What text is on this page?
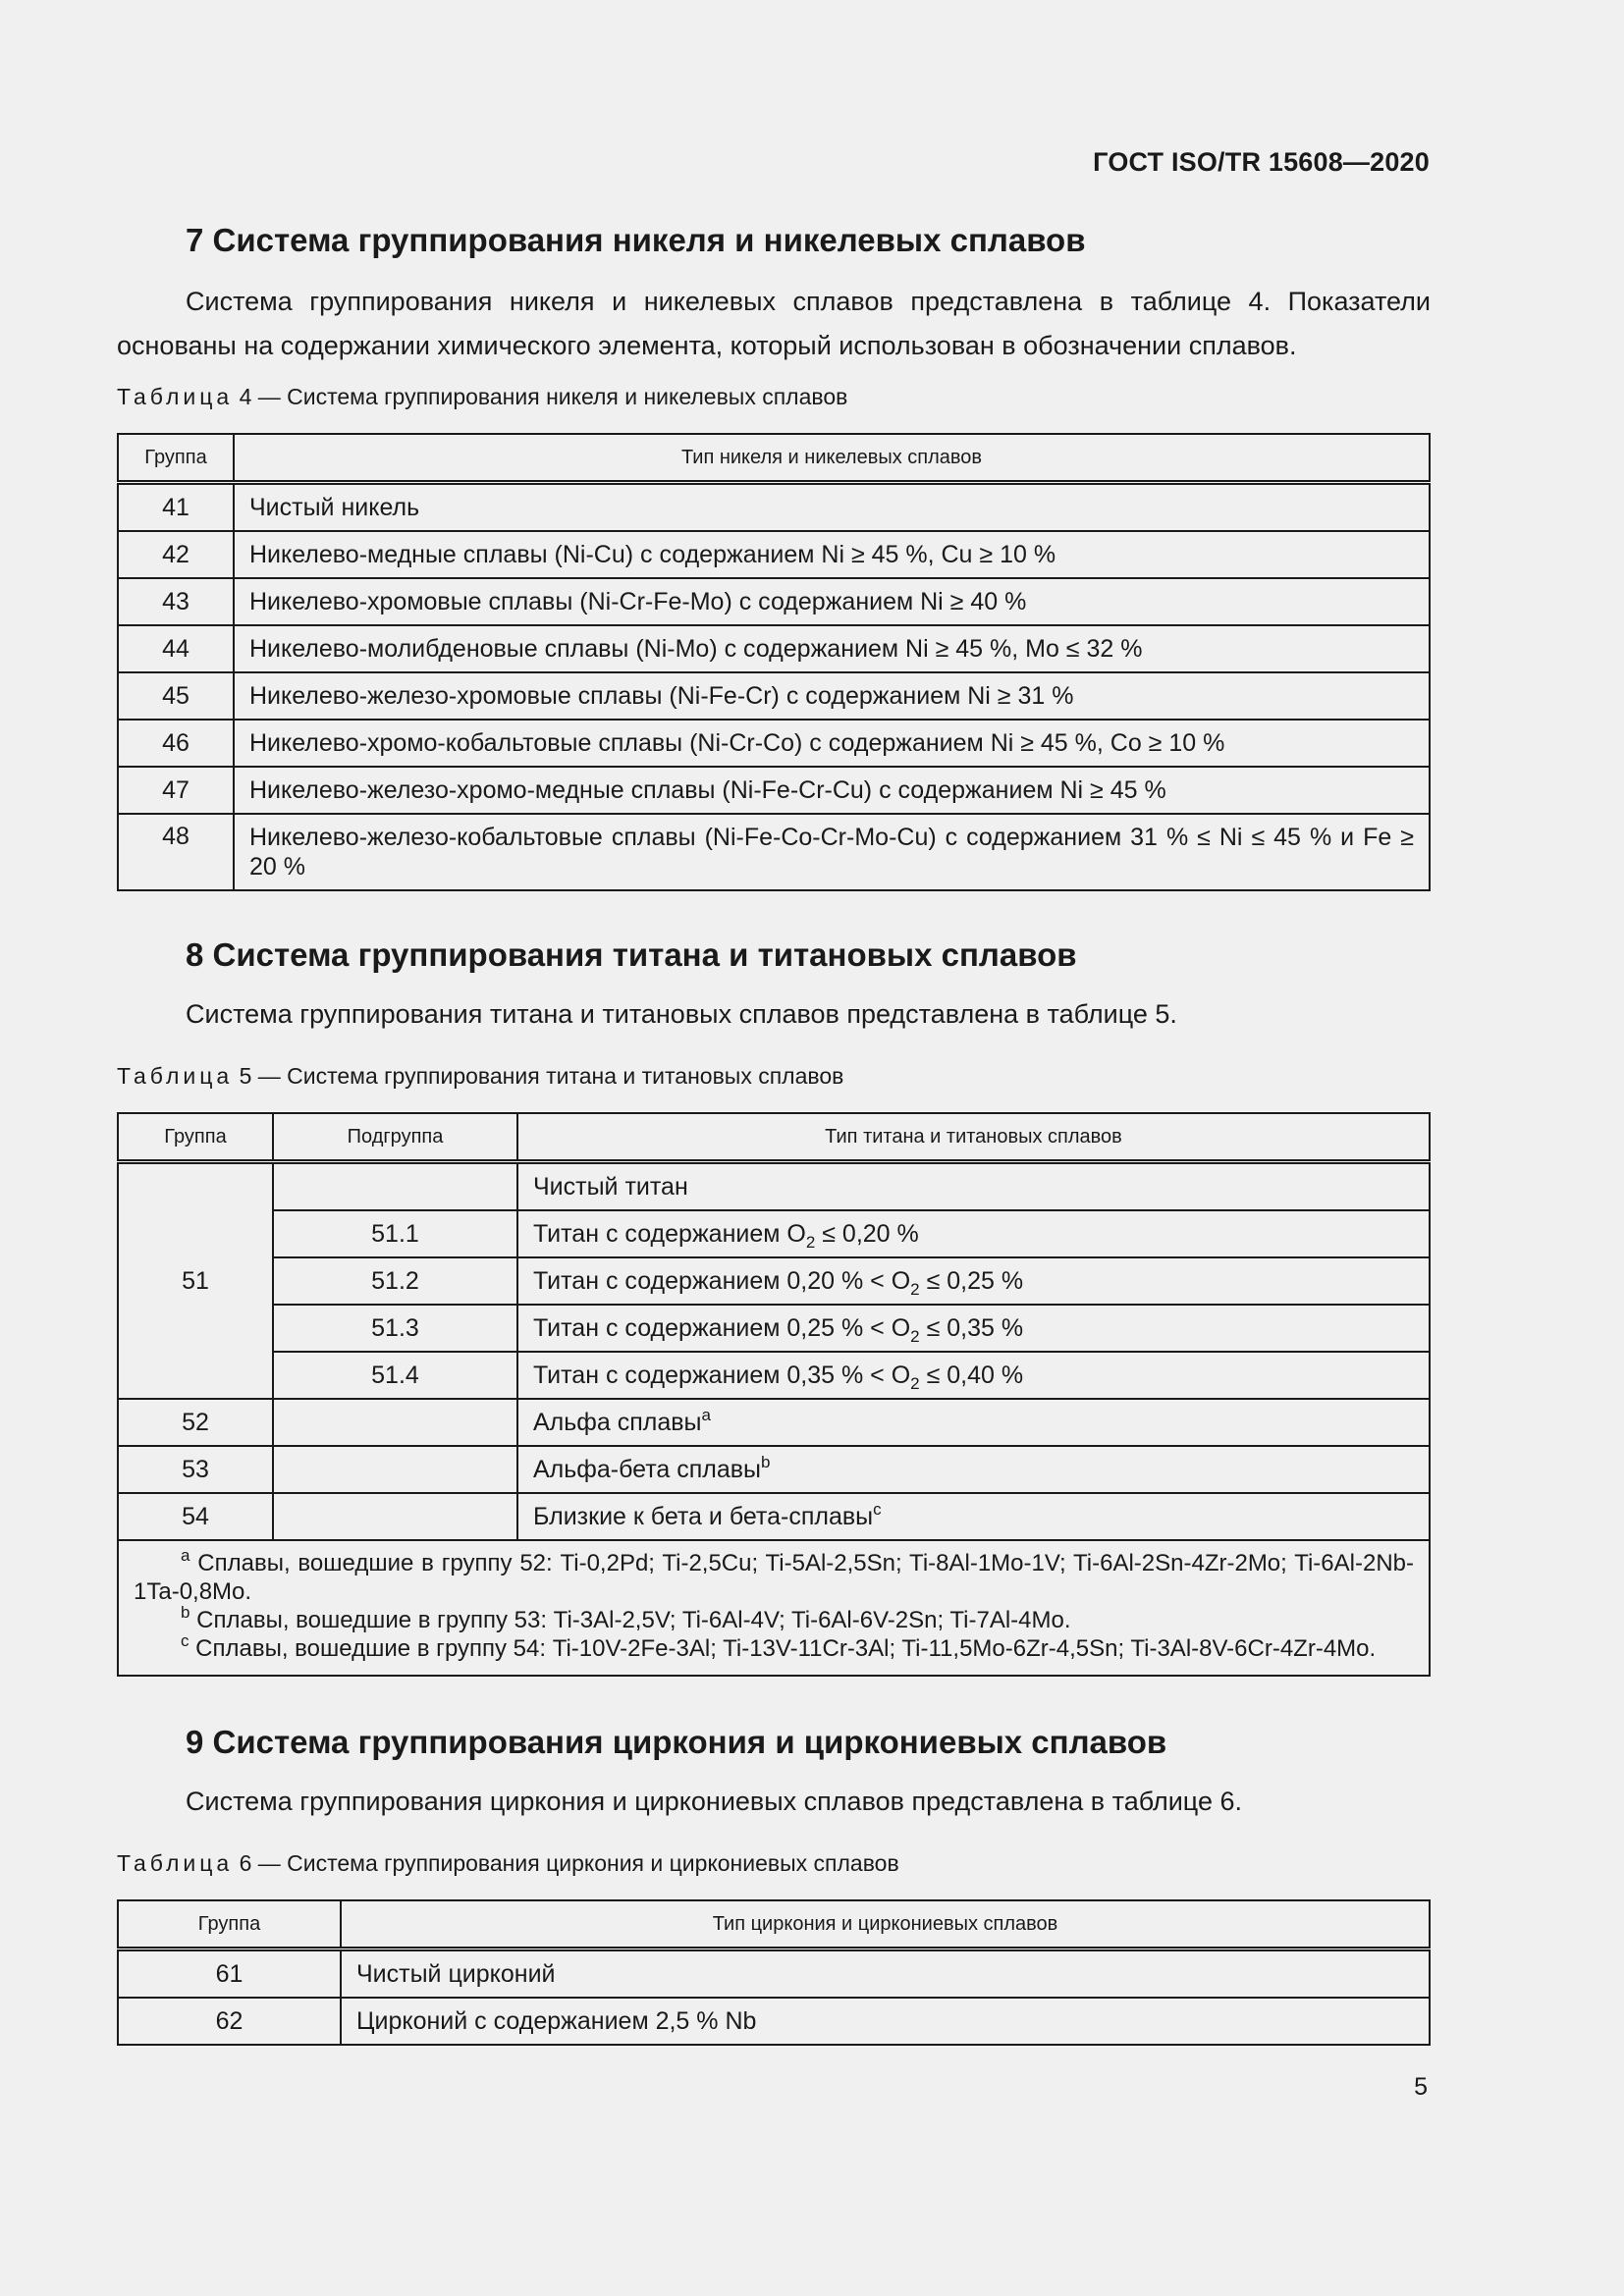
ГОСТ ISO/TR 15608—2020
7 Система группирования никеля и никелевых сплавов

Система группирования никеля и никелевых сплавов представлена в таблице 4. Показатели основаны на содержании химического элемента, который использован в обозначении сплавов.

Таблица 4 — Система группирования никеля и никелевых сплавов
Группа	Тип никеля и никелевых сплавов
41	Чистый никель
42	Никелево-медные сплавы (Ni-Cu) с содержанием Ni ≥ 45 %, Cu ≥ 10 %
43	Никелево-хромовые сплавы (Ni-Cr-Fe-Mo) с содержанием Ni ≥ 40 %
44	Никелево-молибденовые сплавы (Ni-Mo) с содержанием Ni ≥ 45 %, Mo ≤ 32 %
45	Никелево-железо-хромовые сплавы (Ni-Fe-Cr) с содержанием Ni ≥ 31 %
46	Никелево-хромо-кобальтовые сплавы (Ni-Cr-Co) с содержанием Ni ≥ 45 %, Co ≥ 10 %
47	Никелево-железо-хромо-медные сплавы (Ni-Fe-Cr-Cu) с содержанием Ni ≥ 45 %
48	Никелево-железо-кобальтовые сплавы (Ni-Fe-Co-Cr-Mo-Cu) с содержанием 31 % ≤ Ni ≤ 45 % и Fe ≥ 20 %
8 Система группирования титана и титановых сплавов

Система группирования титана и титановых сплавов представлена в таблице 5.

Таблица 5 — Система группирования титана и титановых сплавов
Группа	Подгруппа	Тип титана и титановых сплавов
51		Чистый титан
	51.1	Титан с содержанием $O_2 \le 0,20$ %
	51.2	Титан с содержанием 0,20 % < $O_2 \le 0,25$ %
	51.3	Титан с содержанием 0,25 % < $O_2 \le 0,35$ %
	51.4	Титан с содержанием 0,35 % < $O_2 \le 0,40$ %
52		Альфа сплавы$^a$
53		Альфа-бета сплавы$^b$
54		Близкие к бета и бета-сплавы$^c$

$^a$ Сплавы, вошедшие в группу 52: Ti-0,2Pd; Ti-2,5Cu; Ti-5Al-2,5Sn; Ti-8Al-1Mo-1V; Ti-6Al-2Sn-4Zr-2Mo; Ti-6Al-2Nb-1Ta-0,8Mo.
$^b$ Сплавы, вошедшие в группу 53: Ti-3Al-2,5V; Ti-6Al-4V; Ti-6Al-6V-2Sn; Ti-7Al-4Mo.
$^c$ Сплавы, вошедшие в группу 54: Ti-10V-2Fe-3Al; Ti-13V-11Cr-3Al; Ti-11,5Mo-6Zr-4,5Sn; Ti-3Al-8V-6Cr-4Zr-4Mo.		
9 Система группирования циркония и циркониевых сплавов

Система группирования циркония и циркониевых сплавов представлена в таблице 6.

Таблица 6 — Система группирования циркония и циркониевых сплавов
Группа	Тип циркония и циркониевых сплавов
61	Чистый цирконий
62	Цирконий с содержанием 2,5 % Nb
5
